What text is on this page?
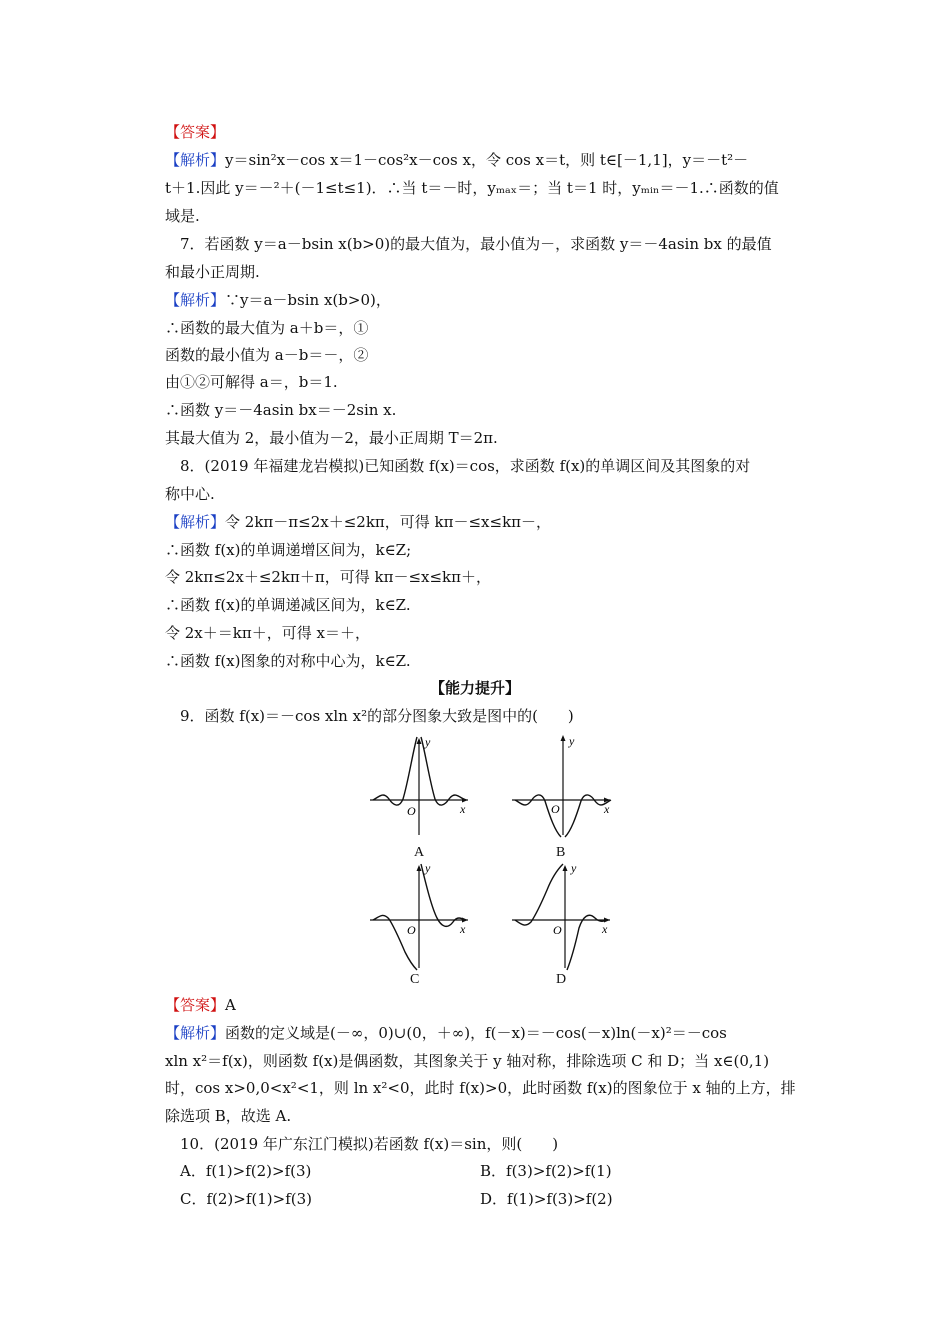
【答案】
【解析】y＝sin²x－cos x＝1－cos²x－cos x，令 cos x＝t，则 t∈[－1,1]，y＝－t²－
t＋1.因此 y＝－²＋(－1≤t≤1)．∴当 t＝－时，yₘₐₓ＝；当 t＝1 时，yₘᵢₙ＝－1.∴函数的值
域是.
7．若函数 y＝a－bsin x(b>0)的最大值为，最小值为－，求函数 y＝－4asin bx 的最值
和最小正周期.
【解析】∵y＝a－bsin x(b>0)，
∴函数的最大值为 a＋b＝，①
函数的最小值为 a－b＝－，②
由①②可解得 a＝，b＝1.
∴函数 y＝－4asin bx＝－2sin x.
其最大值为 2，最小值为－2，最小正周期 T＝2π.
8．(2019 年福建龙岩模拟)已知函数 f(x)＝cos，求函数 f(x)的单调区间及其图象的对
称中心.
【解析】令 2kπ－π≤2x＋≤2kπ，可得 kπ－≤x≤kπ－，
∴函数 f(x)的单调递增区间为，k∈Z;
令 2kπ≤2x＋≤2kπ＋π，可得 kπ－≤x≤kπ＋，
∴函数 f(x)的单调递减区间为，k∈Z.
令 2x＋＝kπ＋，可得 x＝＋，
∴函数 f(x)图象的对称中心为，k∈Z.
【能力提升】
9．函数 f(x)＝－cos xln x²的部分图象大致是图中的(　　)
y
x
O
A
y
x
O
B
y
x
O
C
y
x
O
D
【答案】A
【解析】函数的定义域是(－∞，0)∪(0，＋∞)，f(－x)＝－cos(－x)ln(－x)²＝－cos
xln x²＝f(x)，则函数 f(x)是偶函数，其图象关于 y 轴对称，排除选项 C 和 D；当 x∈(0,1)
时，cos x>0,0<x²<1，则 ln x²<0，此时 f(x)>0，此时函数 f(x)的图象位于 x 轴的上方，排
除选项 B，故选 A.
10．(2019 年广东江门模拟)若函数 f(x)＝sin，则(　　)
A．f(1)>f(2)>f(3)	B．f(3)>f(2)>f(1)
C．f(2)>f(1)>f(3)	D．f(1)>f(3)>f(2)
